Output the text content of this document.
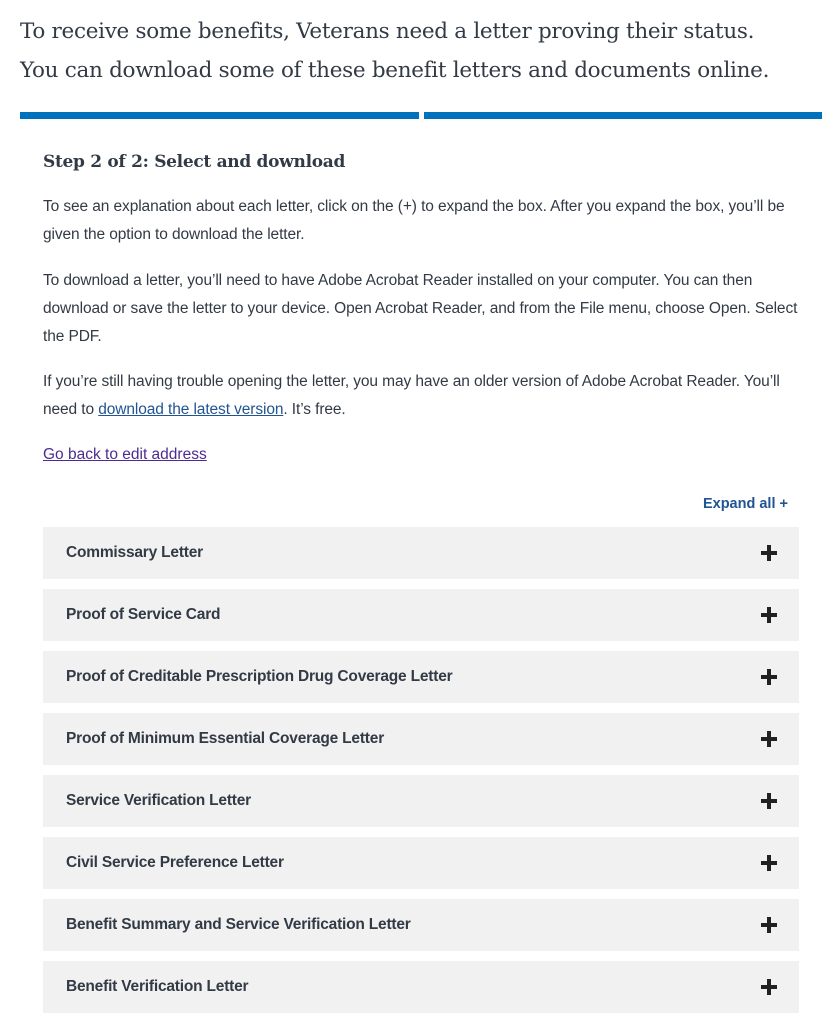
To receive some benefits, Veterans need a letter proving their status.

You can download some of these benefit letters and documents online.

Step 2 of 2: Select and download

To see an explanation about each letter, click on the (+) to expand the box. After you expand the box, you’ll be given the option to download the letter.

To download a letter, you’ll need to have Adobe Acrobat Reader installed on your computer. You can then download or save the letter to your device. Open Acrobat Reader, and from the File menu, choose Open. Select the PDF.

If you’re still having trouble opening the letter, you may have an older version of Adobe Acrobat Reader. You’ll need to download the latest version. It’s free.

Go back to edit address
Expand all +
Commissary Letter
Proof of Service Card
Proof of Creditable Prescription Drug Coverage Letter
Proof of Minimum Essential Coverage Letter
Service Verification Letter
Civil Service Preference Letter
Benefit Summary and Service Verification Letter
Benefit Verification Letter
